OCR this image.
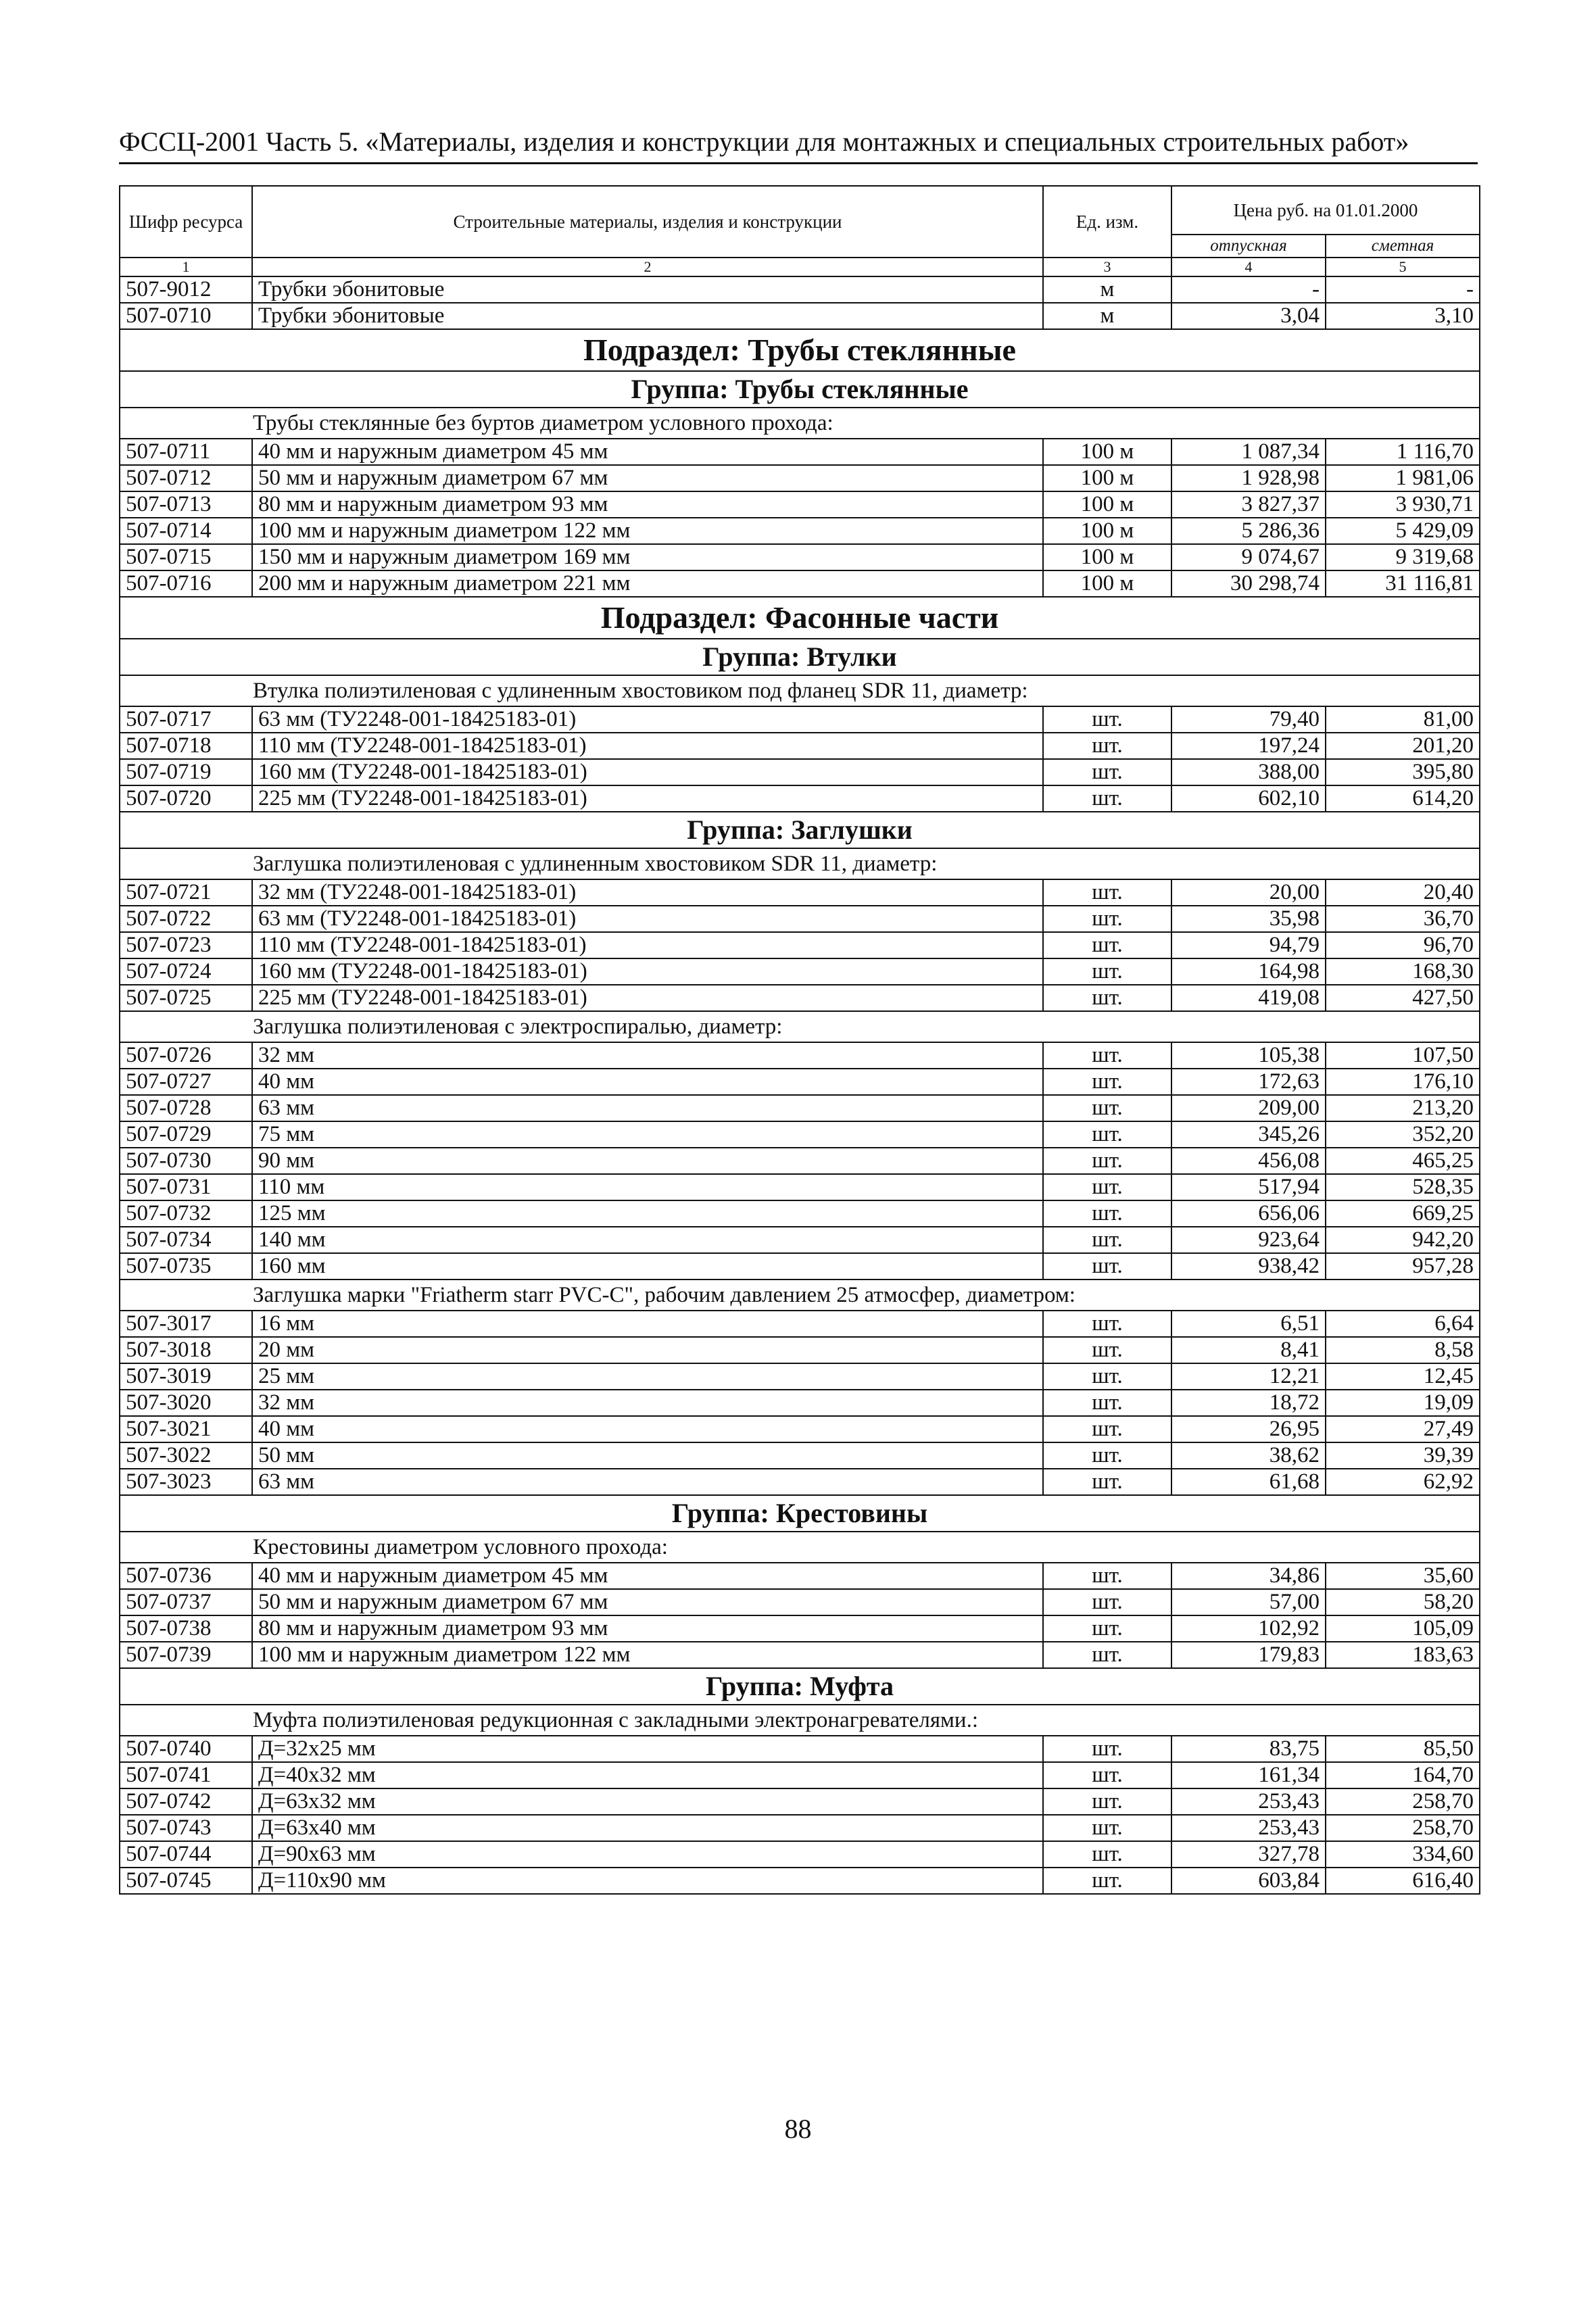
ФССЦ-2001 Часть 5. «Материалы, изделия и конструкции для монтажных и специальных строительных работ»
Шифр ресурса	Строительные материалы, изделия и конструкции	Ед. изм.	Цена руб. на 01.01.2000	
			отпускная	сметная
1	2	3	4	5
507-9012	Трубки эбонитовые	м	-	-
507-0710	Трубки эбонитовые	м	3,04	3,10
Подраздел: Трубы стеклянные				
Группа: Трубы стеклянные				
Трубы стеклянные без буртов диаметром условного прохода:				
507-0711	40 мм и наружным диаметром 45 мм	100 м	1 087,34	1 116,70
507-0712	50 мм и наружным диаметром 67 мм	100 м	1 928,98	1 981,06
507-0713	80 мм и наружным диаметром 93 мм	100 м	3 827,37	3 930,71
507-0714	100 мм и наружным диаметром 122 мм	100 м	5 286,36	5 429,09
507-0715	150 мм и наружным диаметром 169 мм	100 м	9 074,67	9 319,68
507-0716	200 мм и наружным диаметром 221 мм	100 м	30 298,74	31 116,81
Подраздел: Фасонные части				
Группа: Втулки				
Втулка полиэтиленовая с удлиненным хвостовиком под фланец SDR 11, диаметр:				
507-0717	63 мм (ТУ2248-001-18425183-01)	шт.	79,40	81,00
507-0718	110 мм (ТУ2248-001-18425183-01)	шт.	197,24	201,20
507-0719	160 мм (ТУ2248-001-18425183-01)	шт.	388,00	395,80
507-0720	225 мм (ТУ2248-001-18425183-01)	шт.	602,10	614,20
Группа: Заглушки				
Заглушка полиэтиленовая с удлиненным хвостовиком SDR 11, диаметр:				
507-0721	32 мм (ТУ2248-001-18425183-01)	шт.	20,00	20,40
507-0722	63 мм (ТУ2248-001-18425183-01)	шт.	35,98	36,70
507-0723	110 мм (ТУ2248-001-18425183-01)	шт.	94,79	96,70
507-0724	160 мм (ТУ2248-001-18425183-01)	шт.	164,98	168,30
507-0725	225 мм (ТУ2248-001-18425183-01)	шт.	419,08	427,50
Заглушка полиэтиленовая с электроспиралью, диаметр:				
507-0726	32 мм	шт.	105,38	107,50
507-0727	40 мм	шт.	172,63	176,10
507-0728	63 мм	шт.	209,00	213,20
507-0729	75 мм	шт.	345,26	352,20
507-0730	90 мм	шт.	456,08	465,25
507-0731	110 мм	шт.	517,94	528,35
507-0732	125 мм	шт.	656,06	669,25
507-0734	140 мм	шт.	923,64	942,20
507-0735	160 мм	шт.	938,42	957,28
Заглушка марки "Friatherm starr PVC-C", рабочим давлением 25 атмосфер, диаметром:				
507-3017	16 мм	шт.	6,51	6,64
507-3018	20 мм	шт.	8,41	8,58
507-3019	25 мм	шт.	12,21	12,45
507-3020	32 мм	шт.	18,72	19,09
507-3021	40 мм	шт.	26,95	27,49
507-3022	50 мм	шт.	38,62	39,39
507-3023	63 мм	шт.	61,68	62,92
Группа: Крестовины				
Крестовины диаметром условного прохода:				
507-0736	40 мм и наружным диаметром 45 мм	шт.	34,86	35,60
507-0737	50 мм и наружным диаметром 67 мм	шт.	57,00	58,20
507-0738	80 мм и наружным диаметром 93 мм	шт.	102,92	105,09
507-0739	100 мм и наружным диаметром 122 мм	шт.	179,83	183,63
Группа: Муфта				
Муфта полиэтиленовая редукционная с закладными электронагревателями.:				
507-0740	Д=32х25 мм	шт.	83,75	85,50
507-0741	Д=40х32 мм	шт.	161,34	164,70
507-0742	Д=63х32 мм	шт.	253,43	258,70
507-0743	Д=63х40 мм	шт.	253,43	258,70
507-0744	Д=90х63 мм	шт.	327,78	334,60
507-0745	Д=110х90 мм	шт.	603,84	616,40
88
